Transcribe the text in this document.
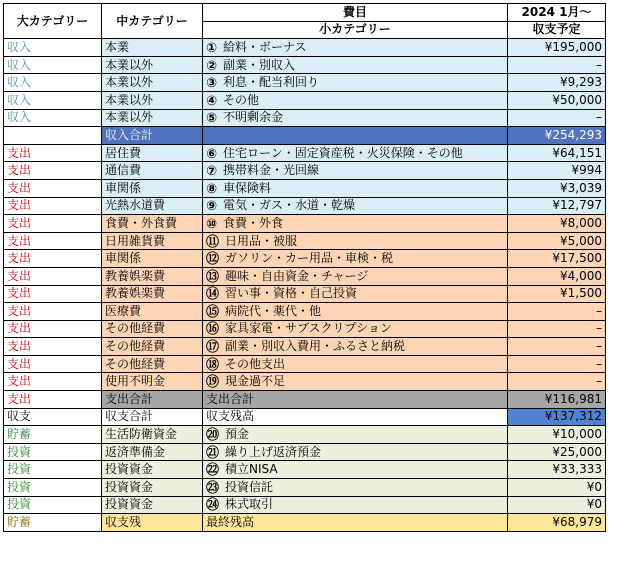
大カテゴリー	中カテゴリー	費目	2024 1月～
		小カテゴリー	収支予定
収入	本業	① 給料・ボーナス	¥195,000
収入	本業以外	② 副業・別収入	–
収入	本業以外	③ 利息・配当利回り	¥9,293
収入	本業以外	④ その他	¥50,000
収入	本業以外	⑤ 不明剰余金	–
	収入合計		¥254,293
支出	居住費	⑥ 住宅ローン・固定資産税・火災保険・その他	¥64,151
支出	通信費	⑦ 携帯料金・光回線	¥994
支出	車関係	⑧ 車保険料	¥3,039
支出	光熱水道費	⑨ 電気・ガス・水道・乾燥	¥12,797
支出	食費・外食費	⑩ 食費・外食	¥8,000
支出	日用雑貨費	⑪ 日用品・被服	¥5,000
支出	車関係	⑫ ガソリン・カー用品・車検・税	¥17,500
支出	教養娯楽費	⑬ 趣味・自由資金・チャージ	¥4,000
支出	教養娯楽費	⑭ 習い事・資格・自己投資	¥1,500
支出	医療費	⑮ 病院代・薬代・他	–
支出	その他経費	⑯ 家具家電・サブスクリプション	–
支出	その他経費	⑰ 副業・別収入費用・ふるさと納税	–
支出	その他経費	⑱ その他支出	–
支出	使用不明金	⑲ 現金過不足	–
支出	支出合計	支出合計	¥116,981
収支	収支合計	収支残高	¥137,312
貯蓄	生活防衛資金	⑳ 預金	¥10,000
投資	返済準備金	㉑ 繰り上げ返済預金	¥25,000
投資	投資資金	㉒ 積立NISA	¥33,333
投資	投資資金	㉓ 投資信託	¥0
投資	投資資金	㉔ 株式取引	¥0
貯蓄	収支残	最終残高	¥68,979
